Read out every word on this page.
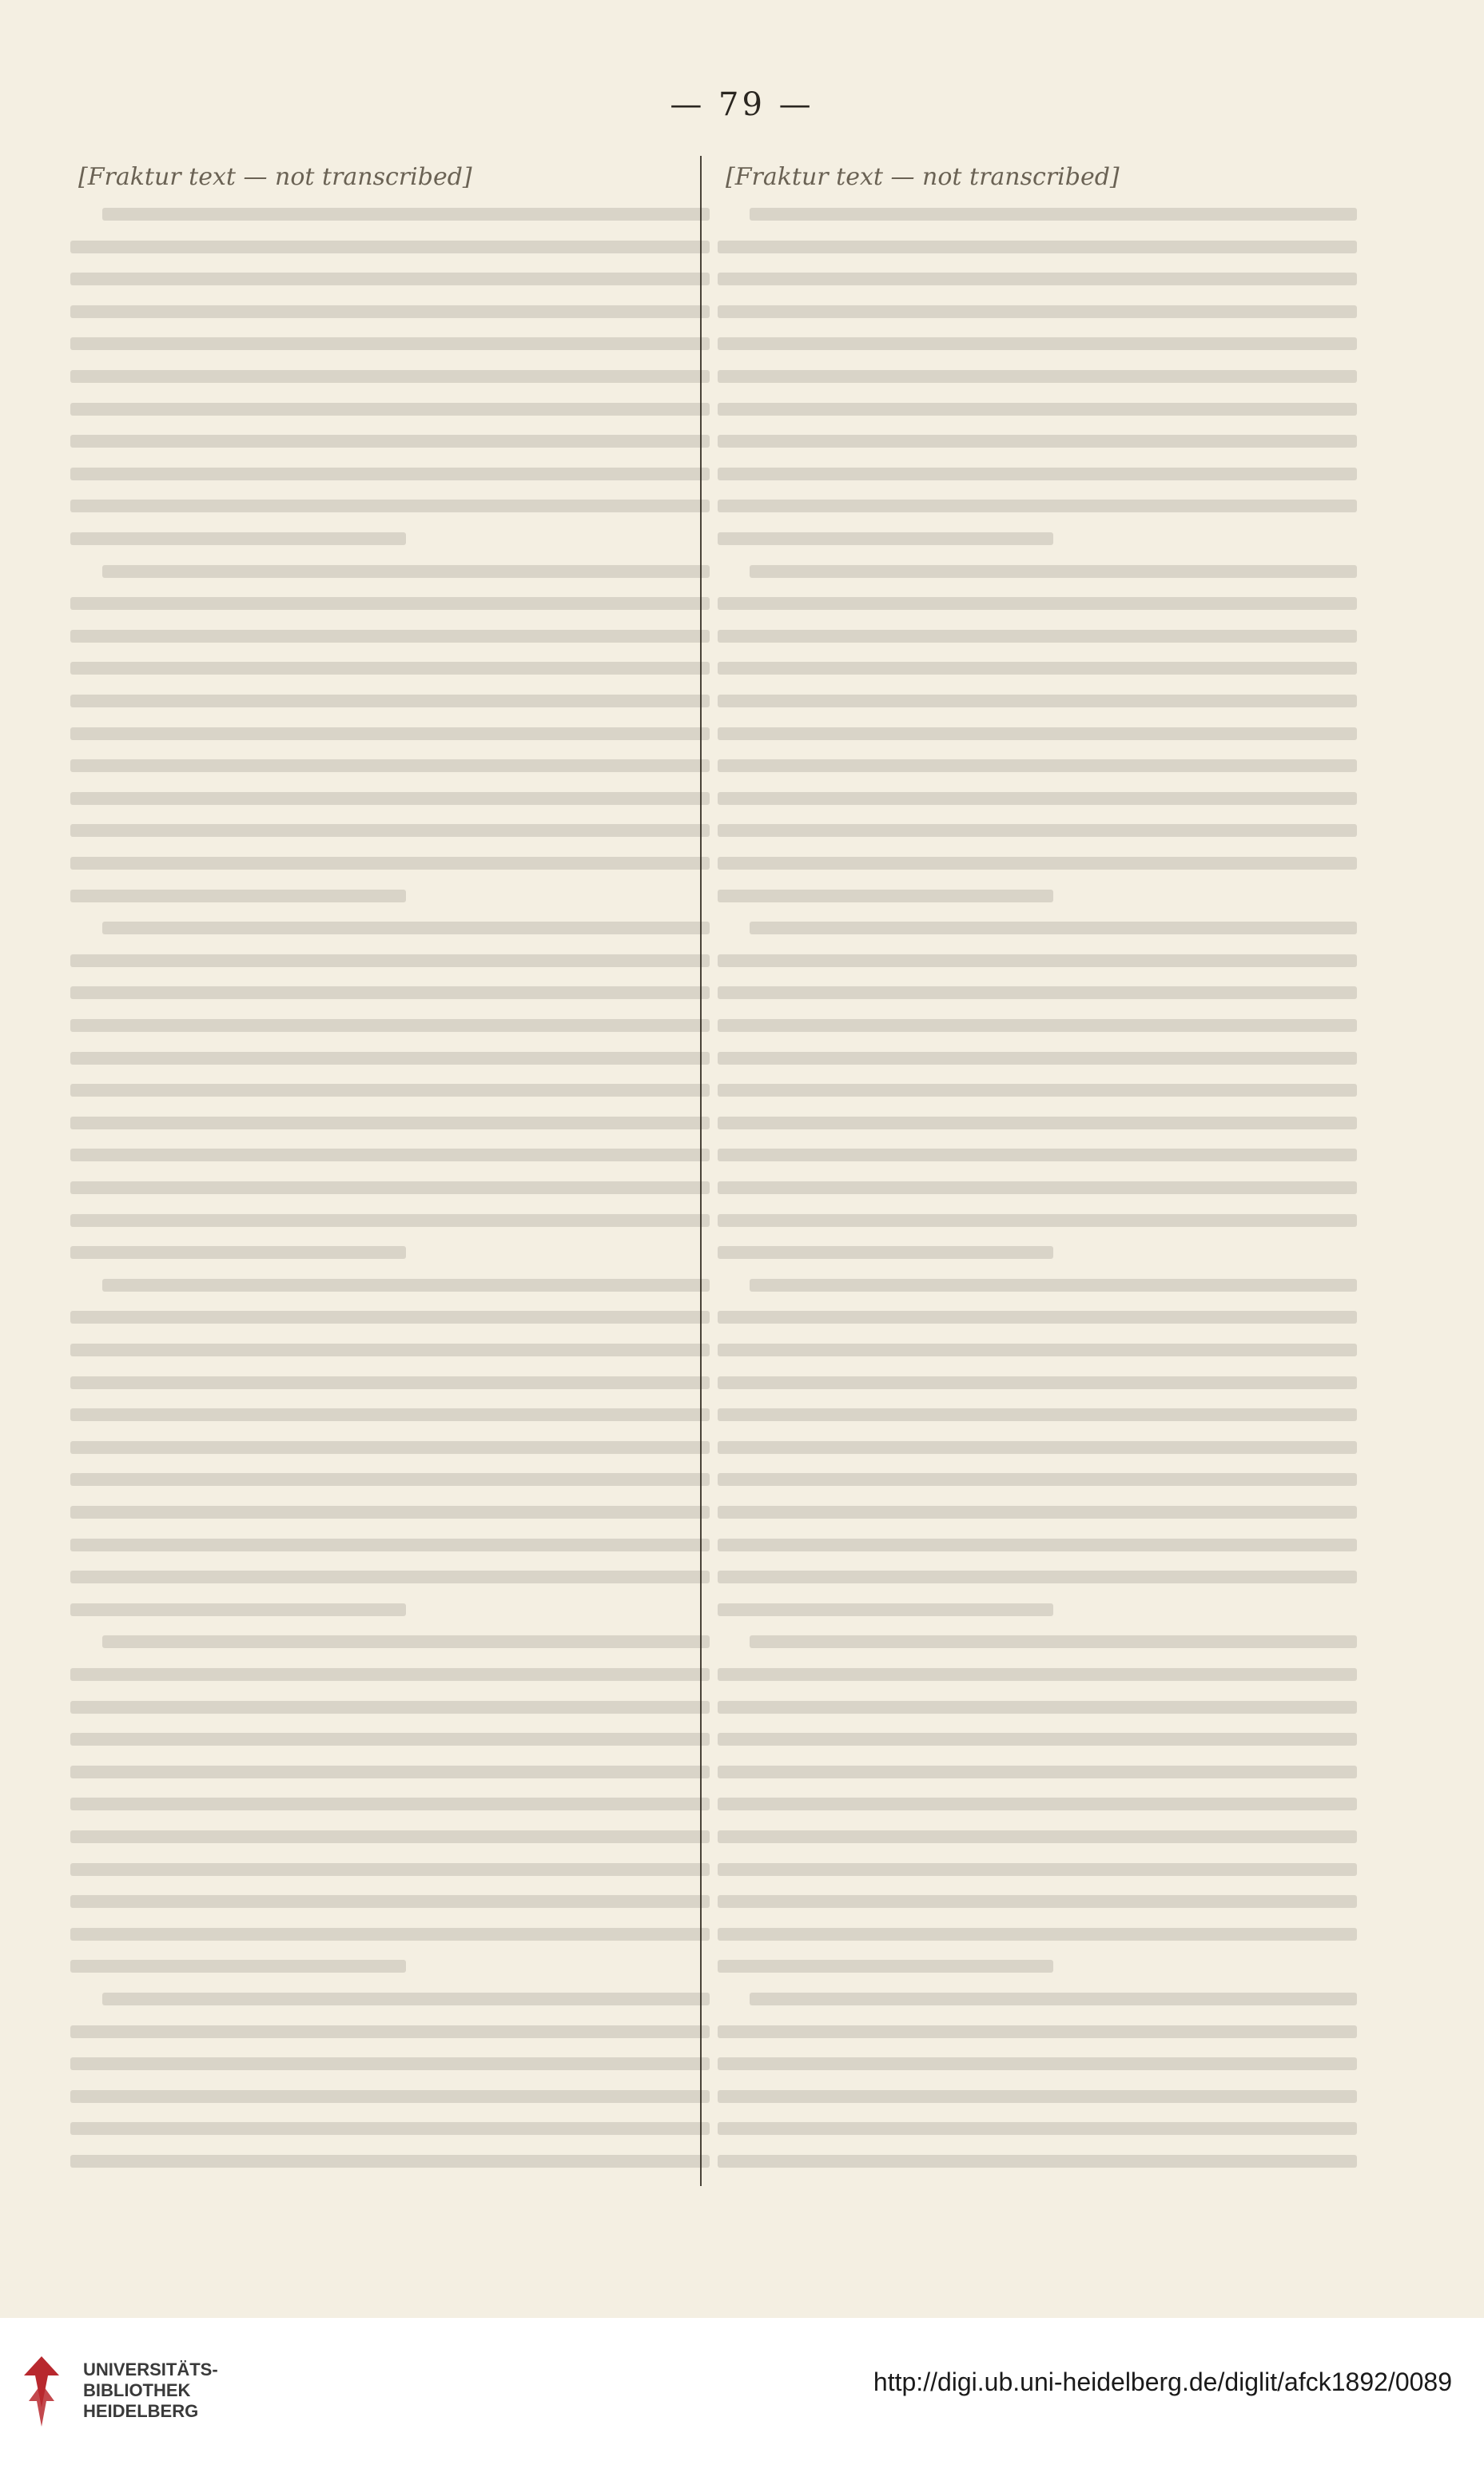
— 79 —
[Fraktur text — not transcribed]	[Fraktur text — not transcribed]
UNIVERSITÄTS-
BIBLIOTHEK
HEIDELBERG
http://digi.ub.uni-heidelberg.de/diglit/afck1892/0089
